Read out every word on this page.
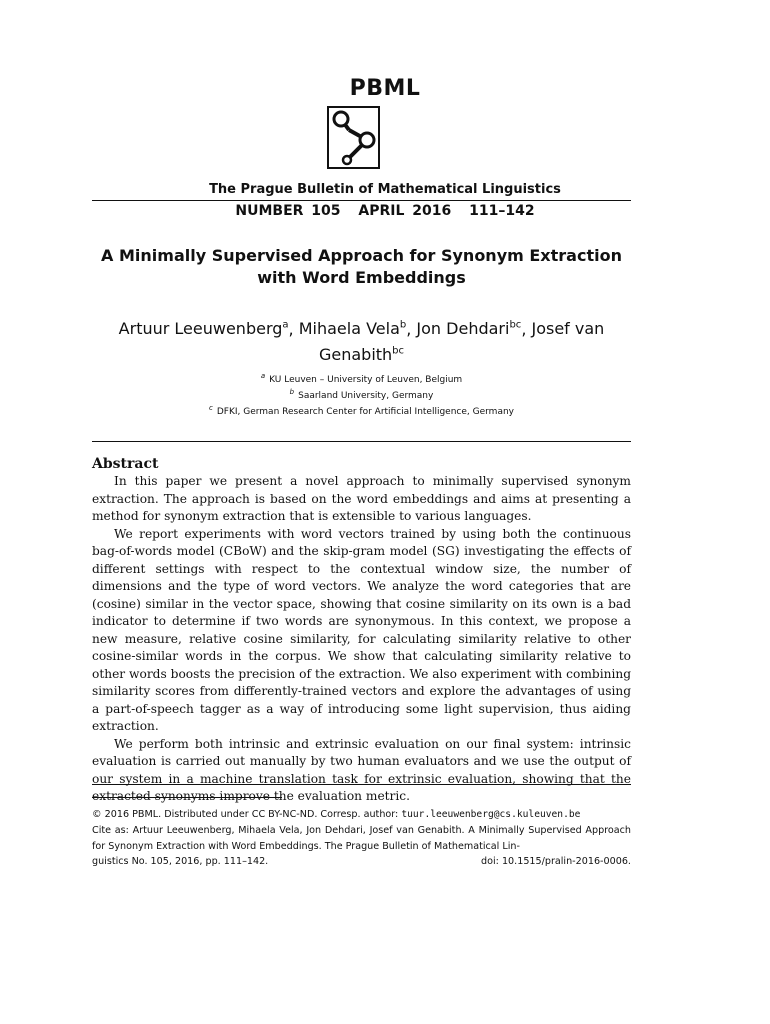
PBML
The Prague Bulletin of Mathematical Linguistics
NUMBER 105 APRIL 2016 111–142
A Minimally Supervised Approach for Synonym Extraction
with Word Embeddings
Artuur Leeuwenberg$^a$, Mihaela Vela$^b$, Jon Dehdari$^{bc}$, Josef van Genabith$^{bc}$
$^a$ KU Leuven – University of Leuven, Belgium
$^b$ Saarland University, Germany
$^c$ DFKI, German Research Center for Artificial Intelligence, Germany
Abstract

In this paper we present a novel approach to minimally supervised synonym extraction. The approach is based on the word embeddings and aims at presenting a method for synonym extraction that is extensible to various languages.

We report experiments with word vectors trained by using both the continuous bag-of-words model (CBoW) and the skip-gram model (SG) investigating the effects of different settings with respect to the contextual window size, the number of dimensions and the type of word vectors. We analyze the word categories that are (cosine) similar in the vector space, showing that cosine similarity on its own is a bad indicator to determine if two words are synonymous. In this context, we propose a new measure, relative cosine similarity, for calculating similarity relative to other cosine-similar words in the corpus. We show that calculating similarity relative to other words boosts the precision of the extraction. We also experiment with combining similarity scores from differently-trained vectors and explore the advantages of using a part-of-speech tagger as a way of introducing some light supervision, thus aiding extraction.

We perform both intrinsic and extrinsic evaluation on our final system: intrinsic evaluation is carried out manually by two human evaluators and we use the output of our system in a machine translation task for extrinsic evaluation, showing that the extracted synonyms improve the evaluation metric.

© 2016 PBML. Distributed under CC BY-NC-ND. Corresp. author: tuur.leeuwenberg@cs.kuleuven.be

Cite as: Artuur Leeuwenberg, Mihaela Vela, Jon Dehdari, Josef van Genabith. A Minimally Supervised Approach for Synonym Extraction with Word Embeddings. The Prague Bulletin of Mathematical Lin-

guistics No. 105, 2016, pp. 111–142.	doi: 10.1515/pralin-2016-0006.
